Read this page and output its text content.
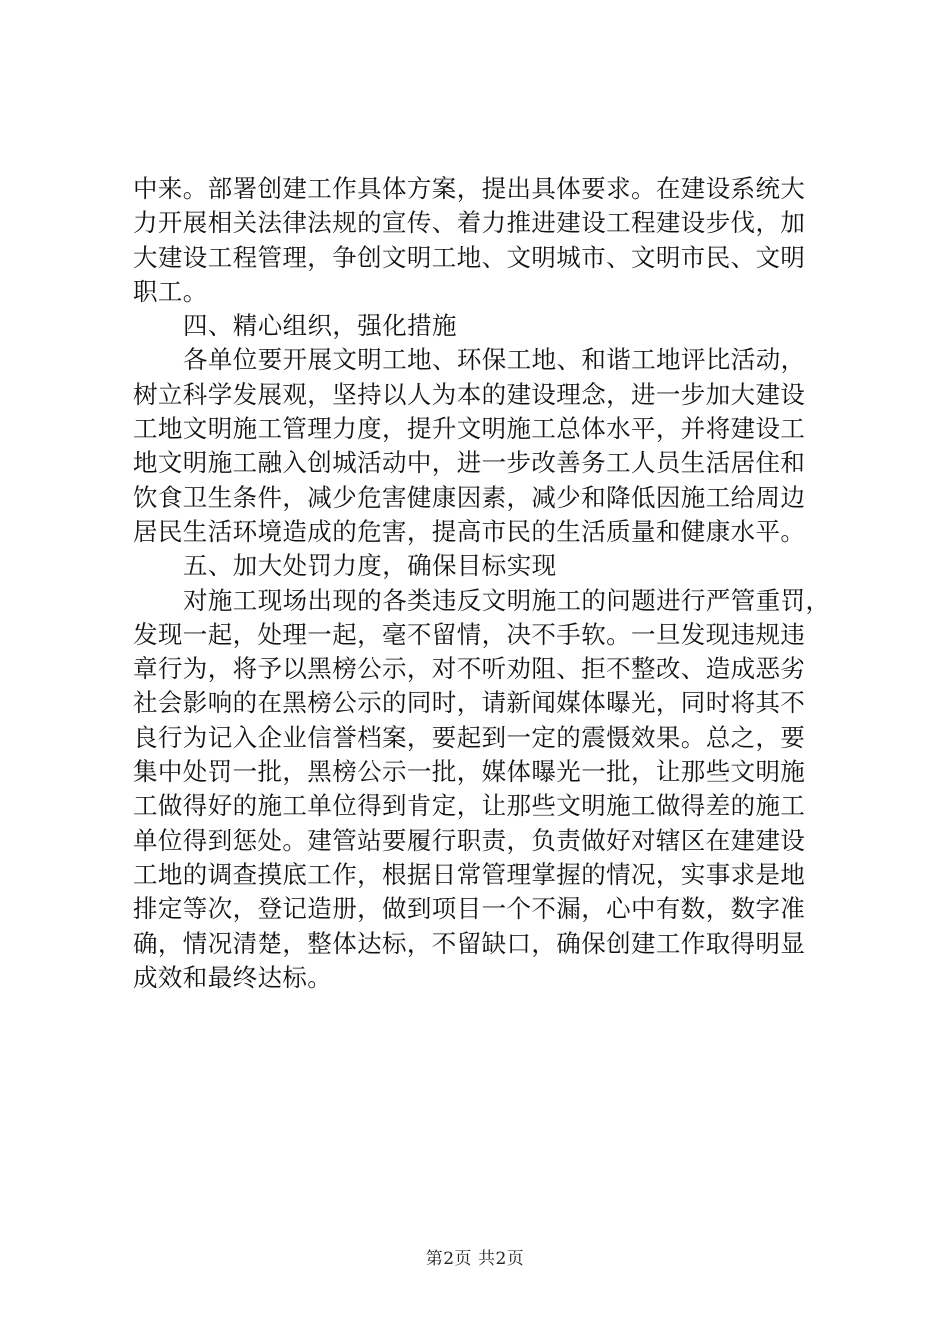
中来。部署创建工作具体方案，提出具体要求。在建设系统大
力开展相关法律法规的宣传、着力推进建设工程建设步伐，加
大建设工程管理，争创文明工地、文明城市、文明市民、文明
职工。
四、精心组织，强化措施
各单位要开展文明工地、环保工地、和谐工地评比活动，
树立科学发展观，坚持以人为本的建设理念，进一步加大建设
工地文明施工管理力度，提升文明施工总体水平，并将建设工
地文明施工融入创城活动中，进一步改善务工人员生活居住和
饮食卫生条件，减少危害健康因素，减少和降低因施工给周边
居民生活环境造成的危害，提高市民的生活质量和健康水平。
五、加大处罚力度，确保目标实现
对施工现场出现的各类违反文明施工的问题进行严管重罚，
发现一起，处理一起，毫不留情，决不手软。一旦发现违规违
章行为，将予以黑榜公示，对不听劝阻、拒不整改、造成恶劣
社会影响的在黑榜公示的同时，请新闻媒体曝光，同时将其不
良行为记入企业信誉档案，要起到一定的震慑效果。总之，要
集中处罚一批，黑榜公示一批，媒体曝光一批，让那些文明施
工做得好的施工单位得到肯定，让那些文明施工做得差的施工
单位得到惩处。建管站要履行职责，负责做好对辖区在建建设
工地的调查摸底工作，根据日常管理掌握的情况，实事求是地
排定等次，登记造册，做到项目一个不漏，心中有数，数字准
确，情况清楚，整体达标，不留缺口，确保创建工作取得明显
成效和最终达标。
第2页 共2页
